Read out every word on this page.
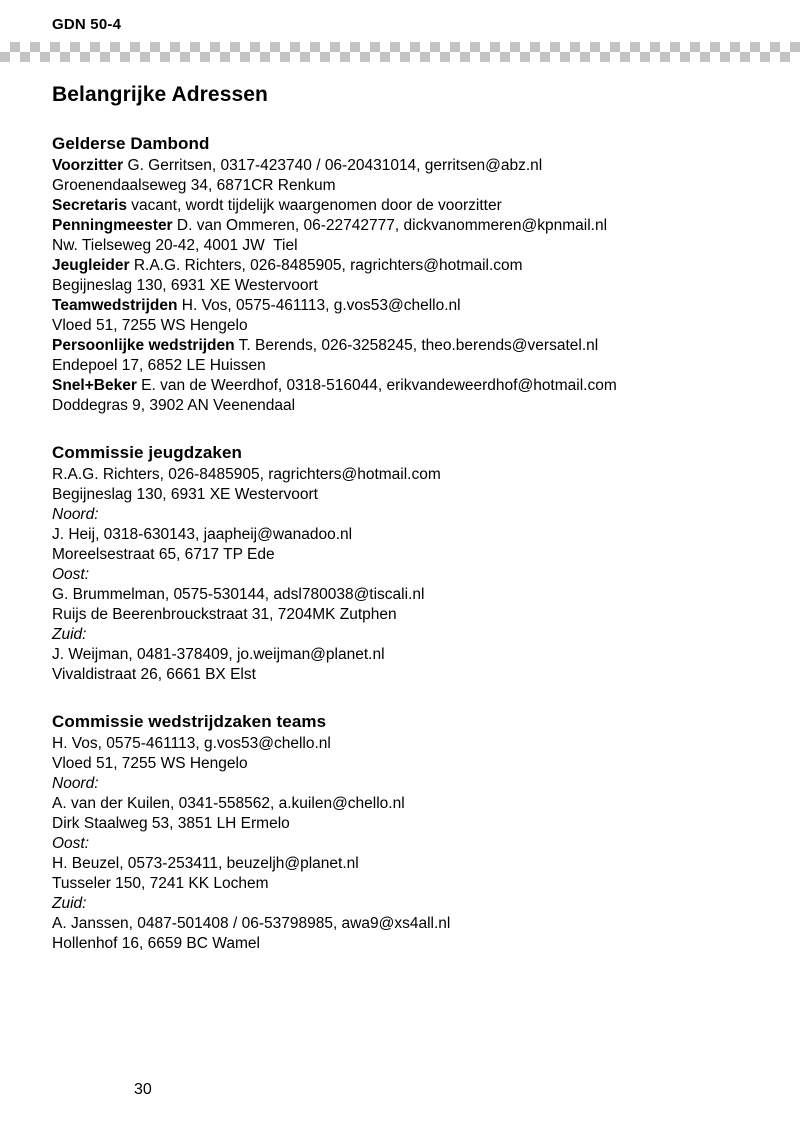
GDN 50-4
Belangrijke Adressen
Gelderse Dambond

Voorzitter G. Gerritsen, 0317-423740 / 06-20431014, gerritsen@abz.nl

Groenendaalseweg 34, 6871CR Renkum

Secretaris vacant, wordt tijdelijk waargenomen door de voorzitter

Penningmeester D. van Ommeren, 06-22742777, dickvanommeren@kpnmail.nl

Nw. Tielseweg 20-42, 4001 JW  Tiel

Jeugleider R.A.G. Richters, 026-8485905, ragrichters@hotmail.com

Begijneslag 130, 6931 XE Westervoort

Teamwedstrijden H. Vos, 0575-461113, g.vos53@chello.nl

Vloed 51, 7255 WS Hengelo

Persoonlijke wedstrijden T. Berends, 026-3258245, theo.berends@versatel.nl

Endepoel 17, 6852 LE Huissen

Snel+Beker E. van de Weerdhof, 0318-516044, erikvandeweerdhof@hotmail.com

Doddegras 9, 3902 AN Veenendaal

Commissie jeugdzaken

R.A.G. Richters, 026-8485905, ragrichters@hotmail.com

Begijneslag 130, 6931 XE Westervoort

Noord:

J. Heij, 0318-630143, jaapheij@wanadoo.nl

Moreelsestraat 65, 6717 TP Ede

Oost:

G. Brummelman, 0575-530144, adsl780038@tiscali.nl

Ruijs de Beerenbrouckstraat 31, 7204MK Zutphen

Zuid:

J. Weijman, 0481-378409, jo.weijman@planet.nl

Vivaldistraat 26, 6661 BX Elst

Commissie wedstrijdzaken teams

H. Vos, 0575-461113, g.vos53@chello.nl

Vloed 51, 7255 WS Hengelo

Noord:

A. van der Kuilen, 0341-558562, a.kuilen@chello.nl

Dirk Staalweg 53, 3851 LH Ermelo

Oost:

H. Beuzel, 0573-253411, beuzeljh@planet.nl

Tusseler 150, 7241 KK Lochem

Zuid:

A. Janssen, 0487-501408 / 06-53798985, awa9@xs4all.nl

Hollenhof 16, 6659 BC Wamel

30
